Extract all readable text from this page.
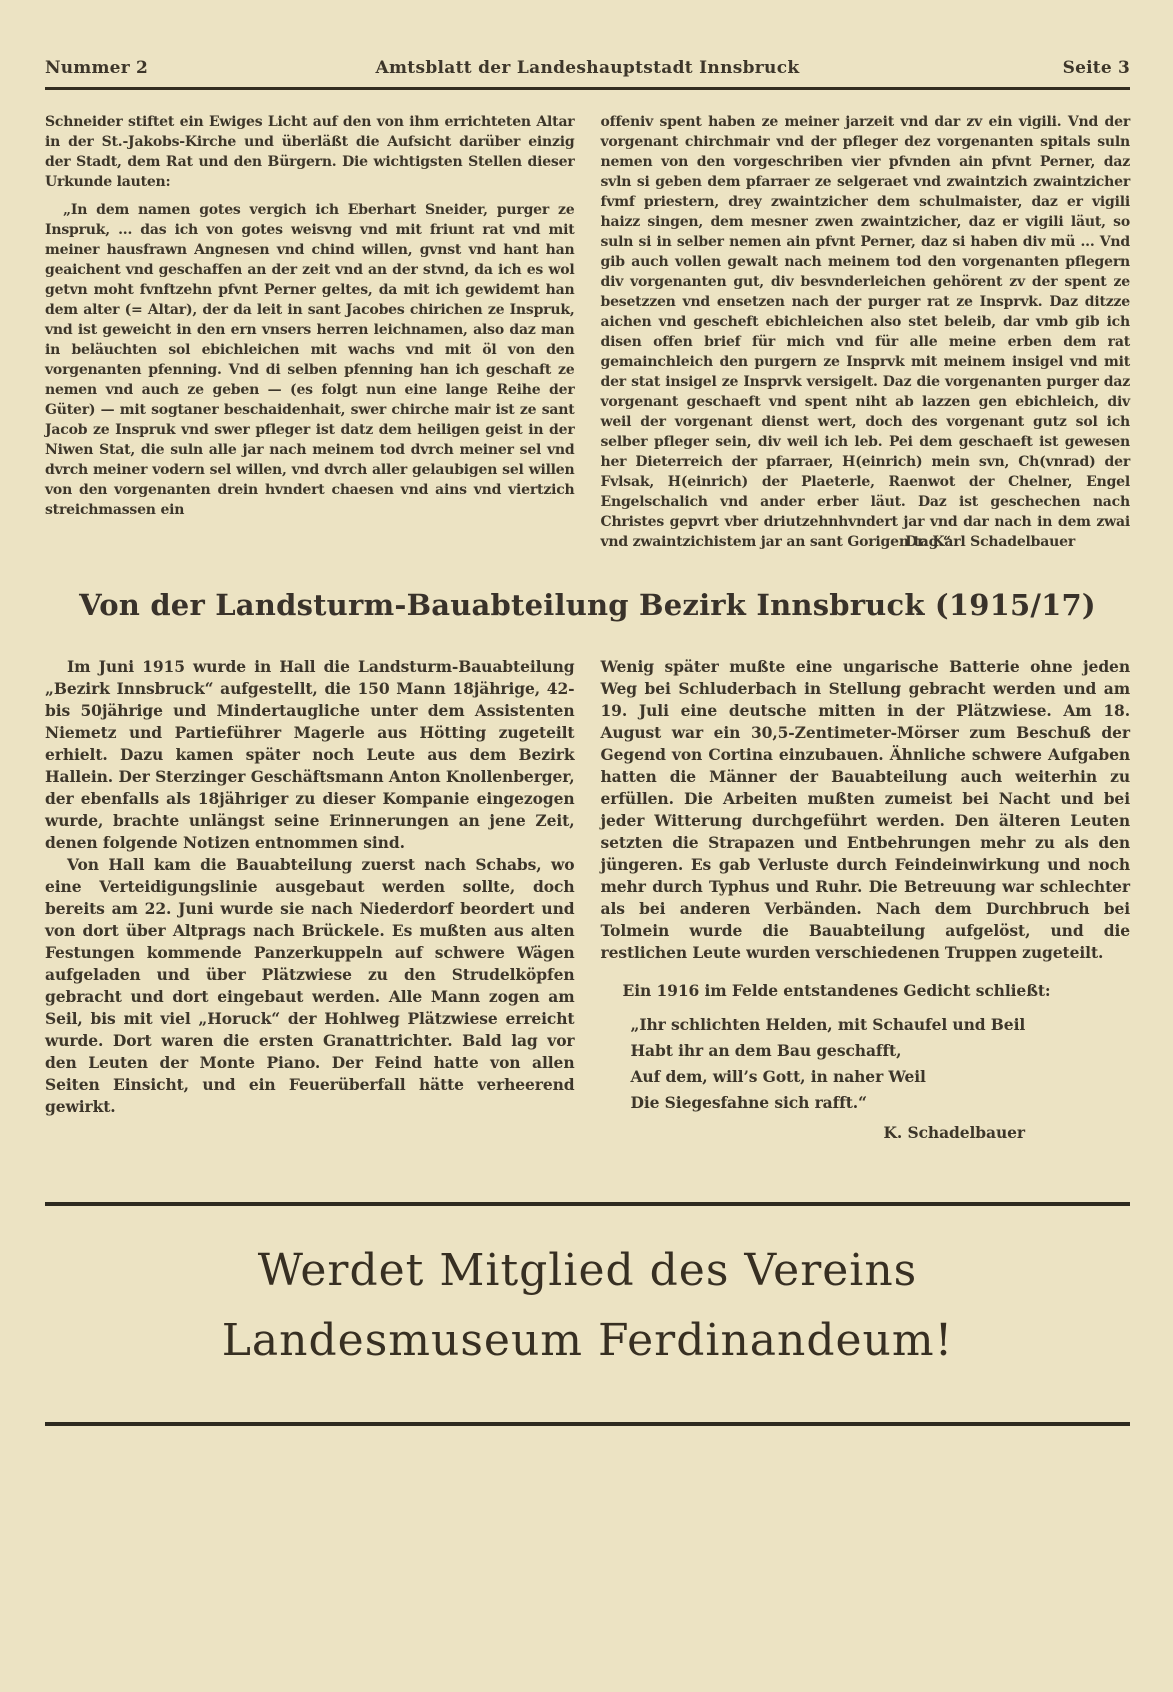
Nummer 2	Amtsblatt der Landeshauptstadt Innsbruck	Seite 3

Schneider stiftet ein Ewiges Licht auf den von ihm errichteten Altar in der St.-Jakobs-Kirche und überläßt die Aufsicht darüber einzig der Stadt, dem Rat und den Bürgern. Die wichtigsten Stellen dieser Urkunde lauten:

„In dem namen gotes vergich ich Eberhart Sneider, purger ze Inspruk, ... das ich von gotes weisvng vnd mit friunt rat vnd mit meiner hausfrawn Angnesen vnd chind willen, gvnst vnd hant han geaichent vnd geschaffen an der zeit vnd an der stvnd, da ich es wol getvn moht fvnftzehn pfvnt Perner geltes, da mit ich gewidemt han dem alter (= Altar), der da leit in sant Jacobes chirichen ze Inspruk, vnd ist geweicht in den ern vnsers herren leichnamen, also daz man in beläuchten sol ebichleichen mit wachs vnd mit öl von den vorgenanten pfenning. Vnd di selben pfenning han ich geschaft ze nemen vnd auch ze geben — (es folgt nun eine lange Reihe der Güter) — mit sogtaner beschaidenhait, swer chirche mair ist ze sant Jacob ze Inspruk vnd swer pfleger ist datz dem heiligen geist in der Niwen Stat, die suln alle jar nach meinem tod dvrch meiner sel vnd dvrch meiner vodern sel willen, vnd dvrch aller gelaubigen sel willen von den vorgenanten drein hvndert chaesen vnd ains vnd viertzich streichmassen ein

offeniv spent haben ze meiner jarzeit vnd dar zv ein vigili. Vnd der vorgenant chirchmair vnd der pfleger dez vorgenanten spitals suln nemen von den vorgeschriben vier pfvnden ain pfvnt Perner, daz svln si geben dem pfarraer ze selgeraet vnd zwaintzich zwaintzicher fvmf priestern, drey zwaintzicher dem schulmaister, daz er vigili haizz singen, dem mesner zwen zwaintzicher, daz er vigili läut, so suln si in selber nemen ain pfvnt Perner, daz si haben div mü ... Vnd gib auch vollen gewalt nach meinem tod den vorgenanten pflegern div vorgenanten gut, div besvnderleichen gehörent zv der spent ze besetzzen vnd ensetzen nach der purger rat ze Insprvk. Daz ditzze aichen vnd gescheft ebichleichen also stet beleib, dar vmb gib ich disen offen brief für mich vnd für alle meine erben dem rat gemainchleich den purgern ze Insprvk mit meinem insigel vnd mit der stat insigel ze Insprvk versigelt. Daz die vorgenanten purger daz vorgenant geschaeft vnd spent niht ab lazzen gen ebichleich, div weil der vorgenant dienst wert, doch des vorgenant gutz sol ich selber pfleger sein, div weil ich leb. Pei dem geschaeft ist gewesen her Dieterreich der pfarraer, H(einrich) mein svn, Ch(vnrad) der Fvlsak, H(einrich) der Plaeterle, Raenwot der Chelner, Engel Engelschalich vnd ander erber läut. Daz ist geschechen nach Christes gepvrt vber driutzehnhvndert jar vnd dar nach in dem zwai vnd zwaintzichistem jar an sant Gorigen tag.“

Dr. Karl Schadelbauer
Von der Landsturm-Bauabteilung Bezirk Innsbruck (1915/17)

Im Juni 1915 wurde in Hall die Landsturm-Bauabteilung „Bezirk Innsbruck“ aufgestellt, die 150 Mann 18jährige, 42- bis 50jährige und Mindertaugliche unter dem Assistenten Niemetz und Partieführer Magerle aus Hötting zugeteilt erhielt. Dazu kamen später noch Leute aus dem Bezirk Hallein. Der Sterzinger Geschäftsmann Anton Knollenberger, der ebenfalls als 18jähriger zu dieser Kompanie eingezogen wurde, brachte unlängst seine Erinnerungen an jene Zeit, denen folgende Notizen entnommen sind.

Von Hall kam die Bauabteilung zuerst nach Schabs, wo eine Verteidigungslinie ausgebaut werden sollte, doch bereits am 22. Juni wurde sie nach Niederdorf beordert und von dort über Altprags nach Brückele. Es mußten aus alten Festungen kommende Panzerkuppeln auf schwere Wägen aufgeladen und über Plätzwiese zu den Strudelköpfen gebracht und dort eingebaut werden. Alle Mann zogen am Seil, bis mit viel „Horuck“ der Hohlweg Plätzwiese erreicht wurde. Dort waren die ersten Granattrichter. Bald lag vor den Leuten der Monte Piano. Der Feind hatte von allen Seiten Einsicht, und ein Feuerüberfall hätte verheerend gewirkt.

Wenig später mußte eine ungarische Batterie ohne jeden Weg bei Schluderbach in Stellung gebracht werden und am 19. Juli eine deutsche mitten in der Plätzwiese. Am 18. August war ein 30,5-Zentimeter-Mörser zum Beschuß der Gegend von Cortina einzubauen. Ähnliche schwere Aufgaben hatten die Männer der Bauabteilung auch weiterhin zu erfüllen. Die Arbeiten mußten zumeist bei Nacht und bei jeder Witterung durchgeführt werden. Den älteren Leuten setzten die Strapazen und Entbehrungen mehr zu als den jüngeren. Es gab Verluste durch Feindeinwirkung und noch mehr durch Typhus und Ruhr. Die Betreuung war schlechter als bei anderen Verbänden. Nach dem Durchbruch bei Tolmein wurde die Bauabteilung aufgelöst, und die restlichen Leute wurden verschiedenen Truppen zugeteilt.

Ein 1916 im Felde entstandenes Gedicht schließt:

„Ihr schlichten Helden, mit Schaufel und Beil
Habt ihr an dem Bau geschafft,
Auf dem, will’s Gott, in naher Weil
Die Siegesfahne sich rafft.“
K. Schadelbauer
Werdet Mitglied des Vereins
Landesmuseum Ferdinandeum!
